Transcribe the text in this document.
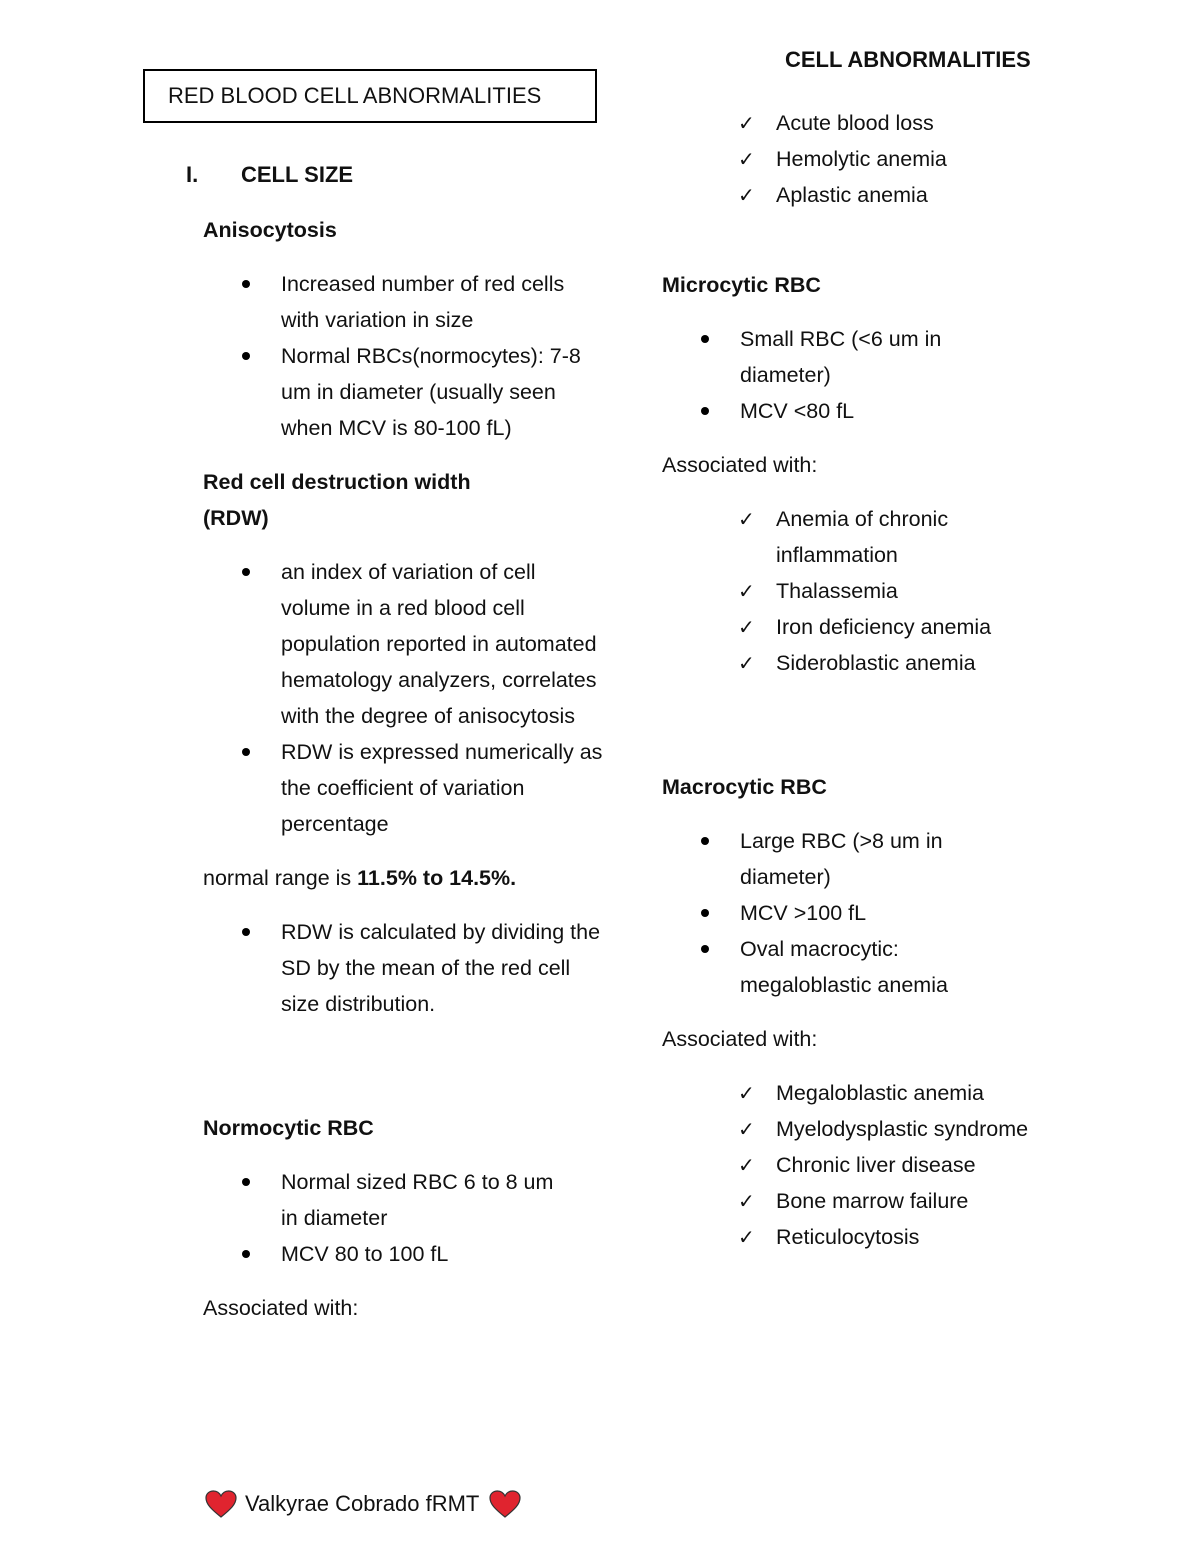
RED BLOOD CELL ABNORMALITIES
I. CELL SIZE

Anisocytosis

Increased number of red cells with variation in size
Normal RBCs(normocytes): 7-8 um in diameter (usually seen when MCV is 80-100 fL)

Red cell destruction width (RDW)

an index of variation of cell volume in a red blood cell population reported in automated hematology analyzers, correlates with the degree of anisocytosis
RDW is expressed numerically as the coefficient of variation percentage

normal range is 11.5% to 14.5%.

RDW is calculated by dividing the SD by the mean of the red cell size distribution.

Normocytic RBC

Normal sized RBC 6 to 8 um in diameter
MCV 80 to 100 fL

Associated with:

CELL ABNORMALITIES
✓ Acute blood loss
✓ Hemolytic anemia
✓ Aplastic anemia

Microcytic RBC

Small RBC (<6 um in diameter)
MCV <80 fL

Associated with:

✓ Anemia of chronic inflammation
✓ Thalassemia
✓ Iron deficiency anemia
✓ Sideroblastic anemia

Macrocytic RBC

Large RBC (>8 um in diameter)
MCV >100 fL
Oval macrocytic: megaloblastic anemia

Associated with:

✓ Megaloblastic anemia
✓ Myelodysplastic syndrome
✓ Chronic liver disease
✓ Bone marrow failure
✓ Reticulocytosis
Valkyrae Cobrado fRMT
